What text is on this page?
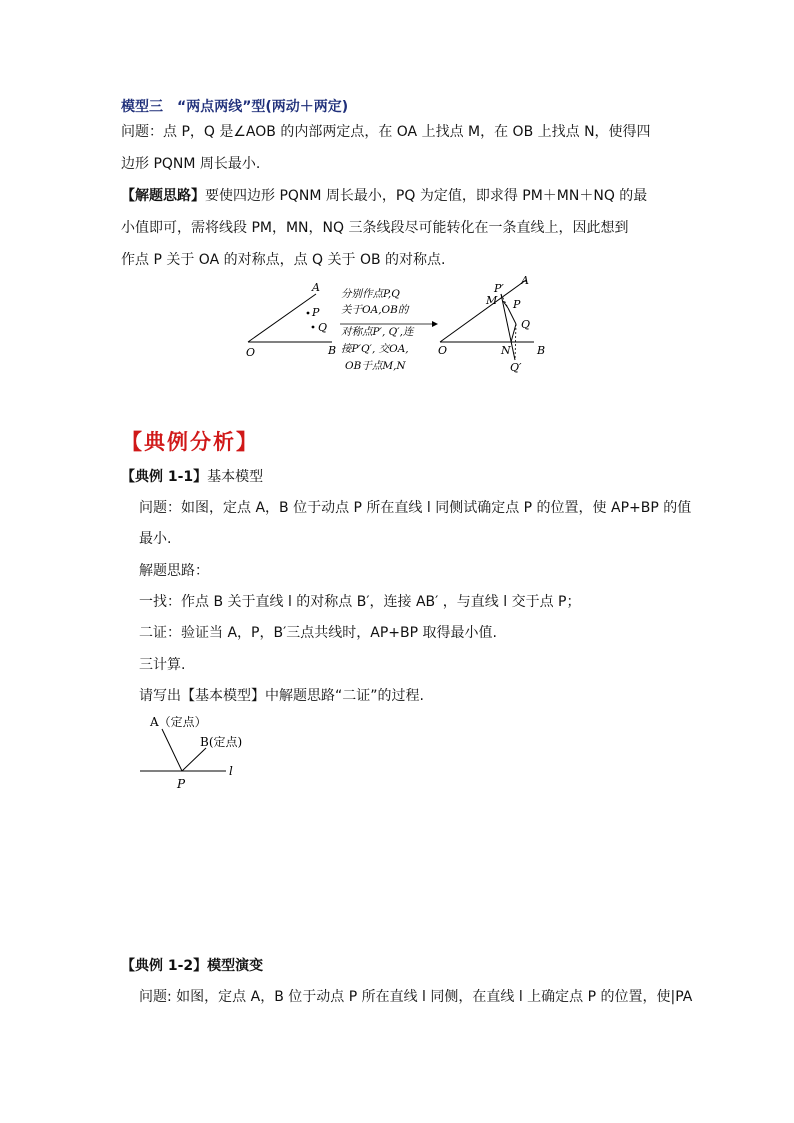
模型三　“两点两线”型(两动＋两定)
问题：点 P，Q 是∠AOB 的内部两定点，在 OA 上找点 M，在 OB 上找点 N，使得四
边形 PQNM 周长最小.
【解题思路】要使四边形 PQNM 周长最小，PQ 为定值，即求得 PM＋MN＋NQ 的最
小值即可，需将线段 PM，MN，NQ 三条线段尽可能转化在一条直线上，因此想到
作点 P 关于 OA 的对称点，点 Q 关于 OB 的对称点.
A
O	B
P
Q
分别作点P,Q
关于OA,OB的
对称点P′, Q′,连
接P′Q′, 交OA,
OB于点M,N
A
P′
M P
Q
O	N B
Q′
【典例分析】
【典例 1-1】基本模型
问题：如图，定点 A，B 位于动点 P 所在直线 l 同侧试确定点 P 的位置，使 AP+BP 的值
最小.
解题思路：
一找：作点 B 关于直线 l 的对称点 B′，连接 AB′ ，与直线 l 交于点 P；
二证：验证当 A，P，B′三点共线时，AP+BP 取得最小值.
三计算.
请写出【基本模型】中解题思路“二证”的过程.
A（定点）
B(定点)
P
l
【典例 1-2】模型演变
问题: 如图，定点 A，B 位于动点 P 所在直线 l 同侧，在直线 l 上确定点 P 的位置，使|PA
